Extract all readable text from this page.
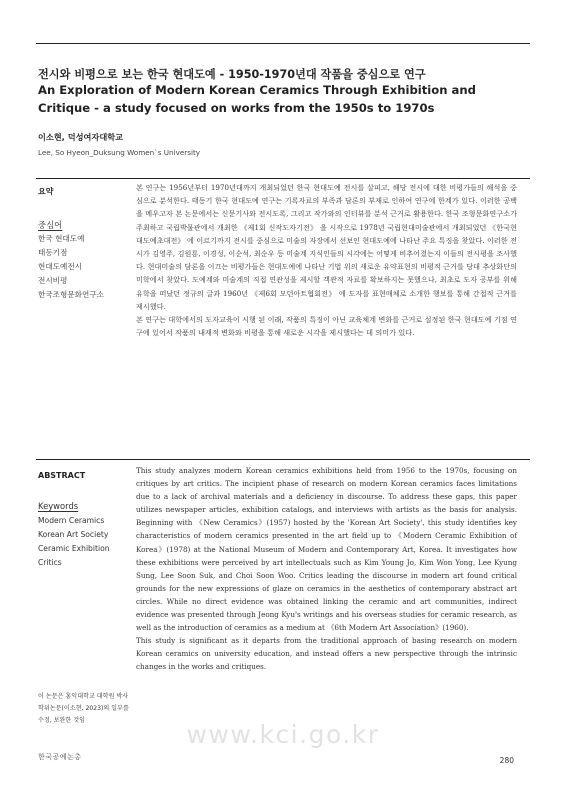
전시와 비평으로 보는 한국 현대도예 - 1950-1970년대 작품을 중심으로 연구
An Exploration of Modern Korean Ceramics Through Exhibition and Critique - a study focused on works from the 1950s to 1970s
이소현, 덕성여자대학교
Lee, So Hyeon_Duksung Women`s University
요약
중심어
한국 현대도예
태동기점
현대도예전시
전시비평
한국조형문화연구소

본 연구는 1956년부터 1970년대까지 개최되었던 한국 현대도예 전시를 살피고, 해당 전시에 대한 비평가들의 해석을 중심으로 분석한다. 태동기 한국 현대도예 연구는 기록자료의 부족과 담론의 부재로 인하여 연구에 한계가 있다. 이러한 공백을 메우고자 본 논문에서는 신문기사와 전시도록, 그리고 작가와의 인터뷰를 분석 근거로 활용한다. 한국 조형문화연구소가 주최하고 국립박물관에서 개최한 《제1회 신작도자기전》 을 시작으로 1978년 국립현대미술관에서 개최되었던 《한국현대도예초대전》 에 이르기까지 전시를 중심으로 미술의 자장에서 선보인 현대도예에 나타난 주요 특징을 찾았다. 이러한 전시가 김영주, 김원룡, 이경성, 이순석, 최순우 등 미술계 지식인들의 시각에는 어떻게 비추어졌는지 이들의 전시평을 조사했다. 현대미술의 담론을 이끄는 비평가들은 현대도예에 나타난 기법 위의 새로운 유약표현의 비평적 근거를 당대 추상화단의 미학에서 찾았다. 도예계와 미술계의 직접 연관성을 제시할 객관적 자료를 확보하지는 못했으나, 최초로 도자 공부를 위해 유학을 떠났던 정규의 글과 1960년 《제6회 모던아트협회전》 에 도자를 표현매체로 소개한 행보를 통해 간접적 근거를 제시했다.

본 연구는 대학에서의 도자교육이 시행 된 이래, 작품의 특징이 아닌 교육체계 변화를 근거로 설정된 한국 현대도예 기점 연구에 있어서 작품의 내재적 변화와 비평을 통해 새로운 시각을 제시했다는 데 의미가 있다.

ABSTRACT
Keywords
Modern Ceramics
Korean Art Society
Ceramic Exhibition
Critics

This study analyzes modern Korean ceramics exhibitions held from 1956 to the 1970s, focusing on critiques by art critics. The incipient phase of research on modern Korean ceramics faces limitations due to a lack of archival materials and a deficiency in discourse. To address these gaps, this paper utilizes newspaper articles, exhibition catalogs, and interviews with artists as the basis for analysis. Beginning with 《New Ceramics》(1957) hosted by the 'Korean Art Society', this study identifies key characteristics of modern ceramics presented in the art field up to 《Modern Ceramic Exhibition of Korea》(1978) at the National Museum of Modern and Contemporary Art, Korea. It investigates how these exhibitions were perceived by art intellectuals such as Kim Young Jo, Kim Won Yong, Lee Kyung Sung, Lee Soon Suk, and Choi Soon Woo. Critics leading the discourse in modern art found critical grounds for the new expressions of glaze on ceramics in the aesthetics of contemporary abstract art circles. While no direct evidence was obtained linking the ceramic and art communities, indirect evidence was presented through Jeong Kyu's writings and his overseas studies for ceramic research, as well as the introduction of ceramics as a medium at 《6th Modern Art Association》(1960).

This study is significant as it departs from the traditional approach of basing research on modern Korean ceramics on university education, and instead offers a new perspective through the intrinsic changes in the works and critiques.

이 논문은 홍익대학교 대학원 박사학위논문(이소현, 2023)의 일부를 수정, 보완한 것임	www.kci.go.kr
한국공예논총	280
